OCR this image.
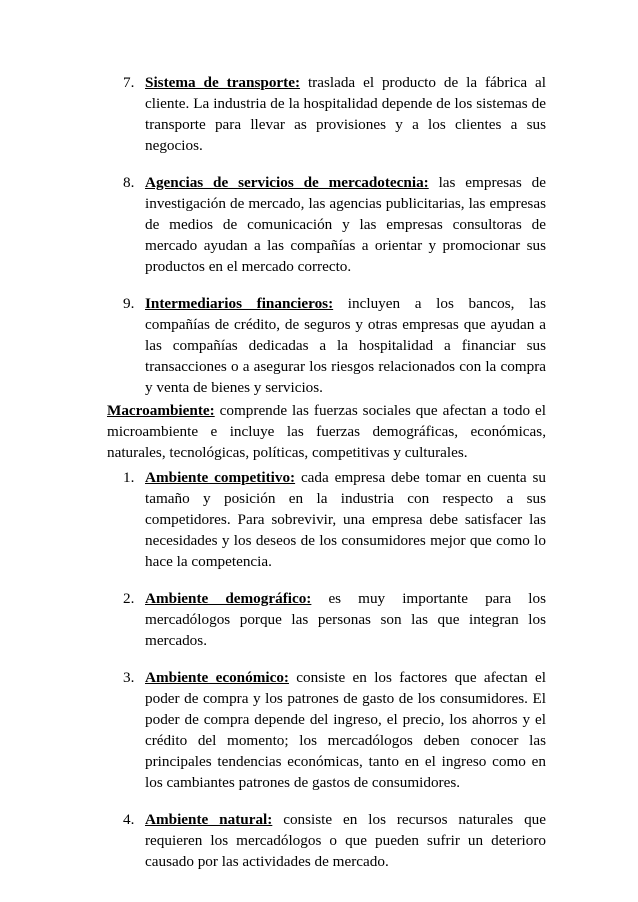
7. Sistema de transporte: traslada el producto de la fábrica al cliente. La industria de la hospitalidad depende de los sistemas de transporte para llevar as provisiones y a los clientes a sus negocios.
8. Agencias de servicios de mercadotecnia: las empresas de investigación de mercado, las agencias publicitarias, las empresas de medios de comunicación y las empresas consultoras de mercado ayudan a las compañías a orientar y promocionar sus productos en el mercado correcto.
9. Intermediarios financieros: incluyen a los bancos, las compañías de crédito, de seguros y otras empresas que ayudan a las compañías dedicadas a la hospitalidad a financiar sus transacciones o a asegurar los riesgos relacionados con la compra y venta de bienes y servicios.
Macroambiente: comprende las fuerzas sociales que afectan a todo el microambiente e incluye las fuerzas demográficas, económicas, naturales, tecnológicas, políticas, competitivas y culturales.
1. Ambiente competitivo: cada empresa debe tomar en cuenta su tamaño y posición en la industria con respecto a sus competidores. Para sobrevivir, una empresa debe satisfacer las necesidades y los deseos de los consumidores mejor que como lo hace la competencia.
2. Ambiente demográfico: es muy importante para los mercadólogos porque las personas son las que integran los mercados.
3. Ambiente económico: consiste en los factores que afectan el poder de compra y los patrones de gasto de los consumidores. El poder de compra depende del ingreso, el precio, los ahorros y el crédito del momento; los mercadólogos deben conocer las principales tendencias económicas, tanto en el ingreso como en los cambiantes patrones de gastos de consumidores.
4. Ambiente natural: consiste en los recursos naturales que requieren los mercadólogos o que pueden sufrir un deterioro causado por las actividades de mercado.
